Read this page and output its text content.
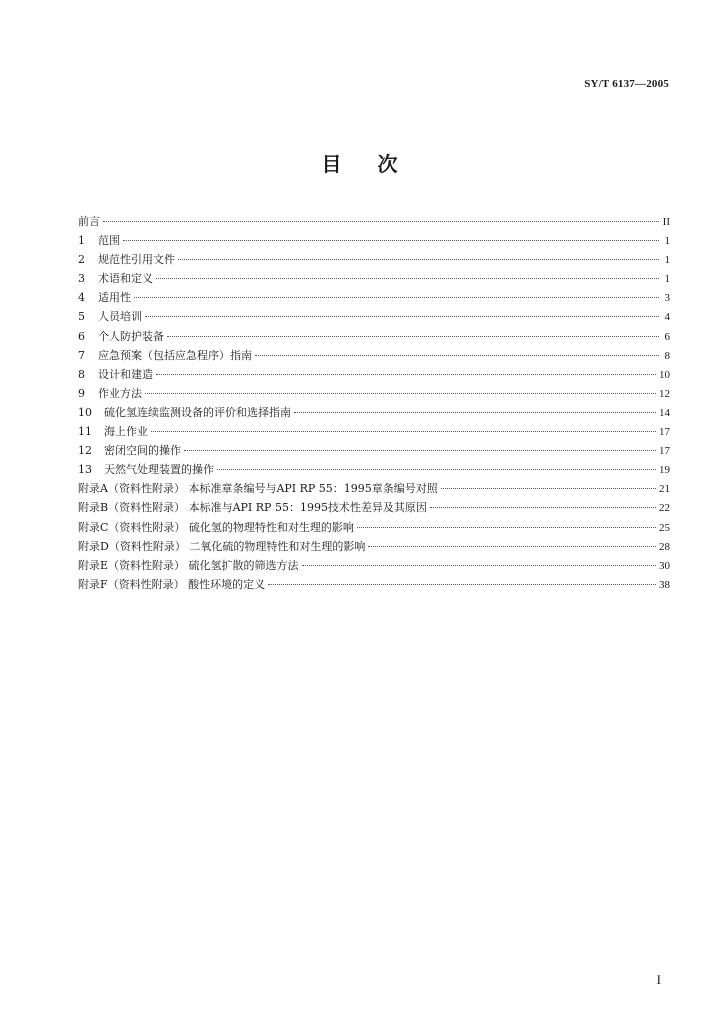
SY/T 6137—2005
目次
前言	II
1	范围	1
2	规范性引用文件	1
3	术语和定义	1
4	适用性	3
5	人员培训	4
6	个人防护装备	6
7	应急预案（包括应急程序）指南	8
8	设计和建造	10
9	作业方法	12
10	硫化氢连续监测设备的评价和选择指南	14
11	海上作业	17
12	密闭空间的操作	17
13	天然气处理装置的操作	19
附录A（资料性附录） 本标准章条编号与API RP 55：1995章条编号对照	21
附录B（资料性附录） 本标准与API RP 55：1995技术性差异及其原因	22
附录C（资料性附录） 硫化氢的物理特性和对生理的影响	25
附录D（资料性附录） 二氧化硫的物理特性和对生理的影响	28
附录E（资料性附录） 硫化氢扩散的筛选方法	30
附录F（资料性附录） 酸性环境的定义	38
I
